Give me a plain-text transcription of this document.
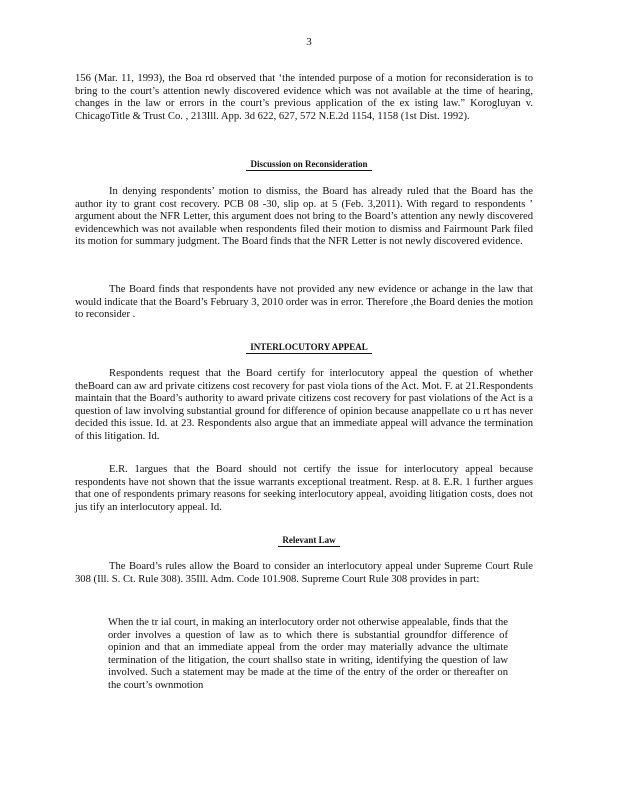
3
156 (Mar. 11, 1993), the Boa rd observed that ‘the intended purpose of a motion for reconsideration is to bring to the court’s attention newly discovered evidence which was not available at the time of hearing, changes in the law or errors in the court’s previous application of the ex isting law.” Korogluyan v. ChicagoTitle & Trust Co. , 213Ill. App. 3d 622, 627, 572 N.E.2d 1154, 1158 (1st Dist. 1992).
Discussion on Reconsideration
In denying respondents’ motion to dismiss, the Board has already ruled that the Board has the author ity to grant cost recovery. PCB 08 -30, slip op. at 5 (Feb. 3,2011). With regard to respondents ’ argument about the NFR Letter, this argument does not bring to the Board’s attention any newly discovered evidencewhich was not available when respondents filed their motion to dismiss and Fairmount Park filed its motion for summary judgment. The Board finds that the NFR Letter is not newly discovered evidence.
The Board finds that respondents have not provided any new evidence or achange in the law that would indicate that the Board’s February 3, 2010 order was in error. Therefore ,the Board denies the motion to reconsider .
INTERLOCUTORY APPEAL
Respondents request that the Board certify for interlocutory appeal the question of whether theBoard can aw ard private citizens cost recovery for past viola tions of the Act. Mot. F. at 21.Respondents maintain that the Board’s authority to award private citizens cost recovery for past violations of the Act is a question of law involving substantial ground for difference of opinion because anappellate co u rt has never decided this issue. Id. at 23. Respondents also argue that an immediate appeal will advance the termination of this litigation. Id.
E.R. 1argues that the Board should not certify the issue for interlocutory appeal because respondents have not shown that the issue warrants exceptional treatment. Resp. at 8. E.R. 1 further argues that one of respondents primary reasons for seeking interlocutory appeal, avoiding litigation costs, does not jus tify an interlocutory appeal. Id.
Relevant Law
The Board’s rules allow the Board to consider an interlocutory appeal under Supreme Court Rule 308 (Ill. S. Ct. Rule 308). 35Ill. Adm. Code 101.908. Supreme Court Rule 308 provides in part:
When the tr ial court, in making an interlocutory order not otherwise appealable, finds that the order involves a question of law as to which there is substantial groundfor difference of opinion and that an immediate appeal from the order may materially advance the ultimate termination of the litigation, the court shallso state in writing, identifying the question of law involved. Such a statement may be made at the time of the entry of the order or thereafter on the court’s ownmotion
